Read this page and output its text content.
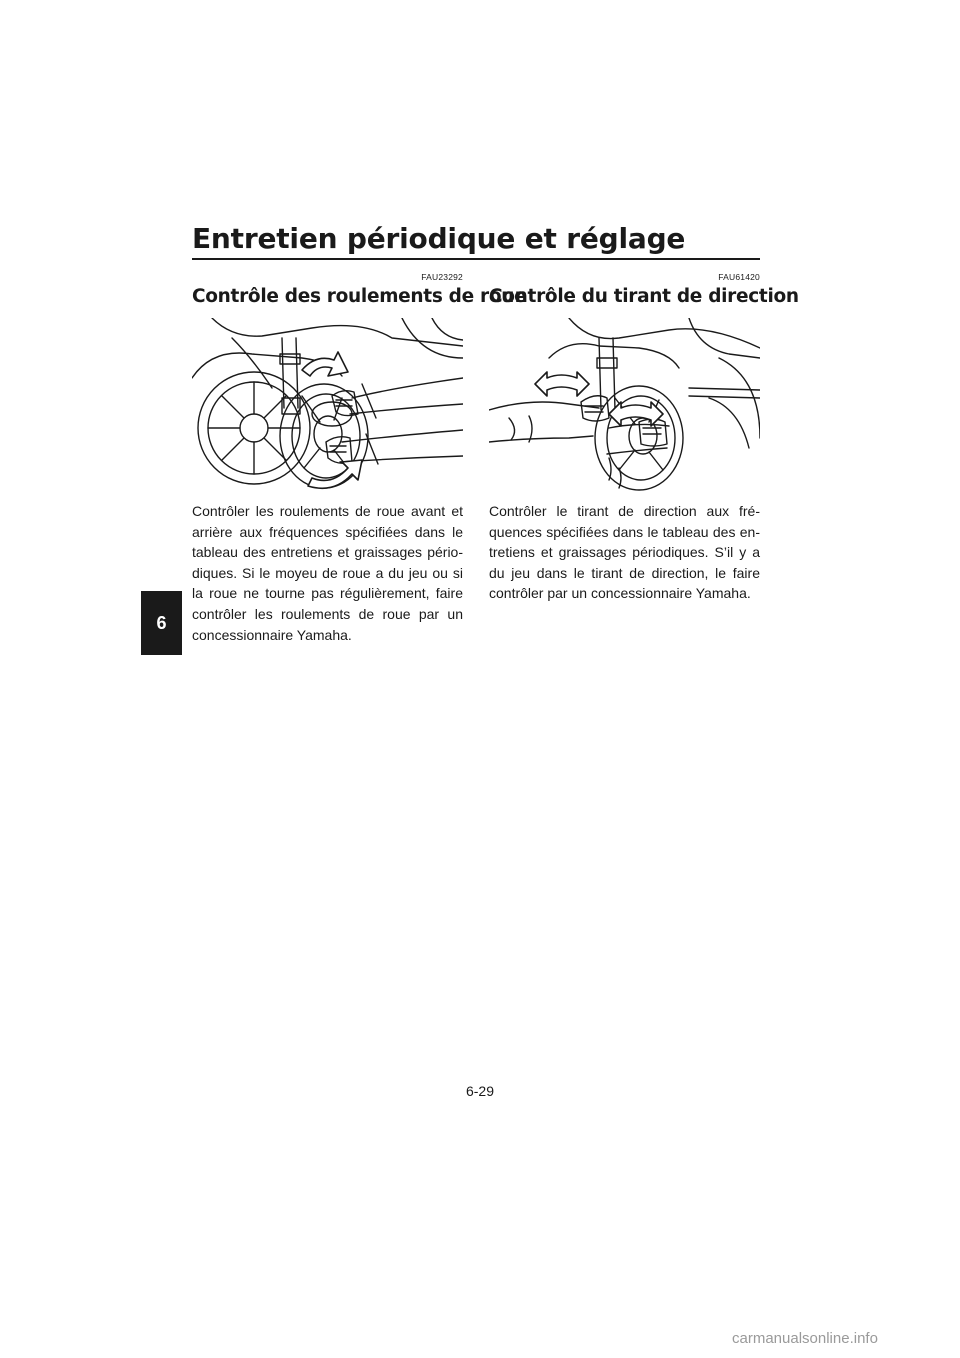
Entretien périodique et réglage
6
FAU23292
Contrôle des roulements de roue
Contrôler les roulements de roue avant et arrière aux fréquences spécifiées dans le tableau des entretiens et graissages pério-diques. Si le moyeu de roue a du jeu ou si la roue ne tourne pas régulièrement, faire contrôler les roulements de roue par un concessionnaire Yamaha.
FAU61420
Contrôle du tirant de direction
Contrôler le tirant de direction aux fré-quences spécifiées dans le tableau des en-tretiens et graissages périodiques. S’il y a du jeu dans le tirant de direction, le faire contrôler par un concessionnaire Yamaha.
6-29
carmanualsonline.info
